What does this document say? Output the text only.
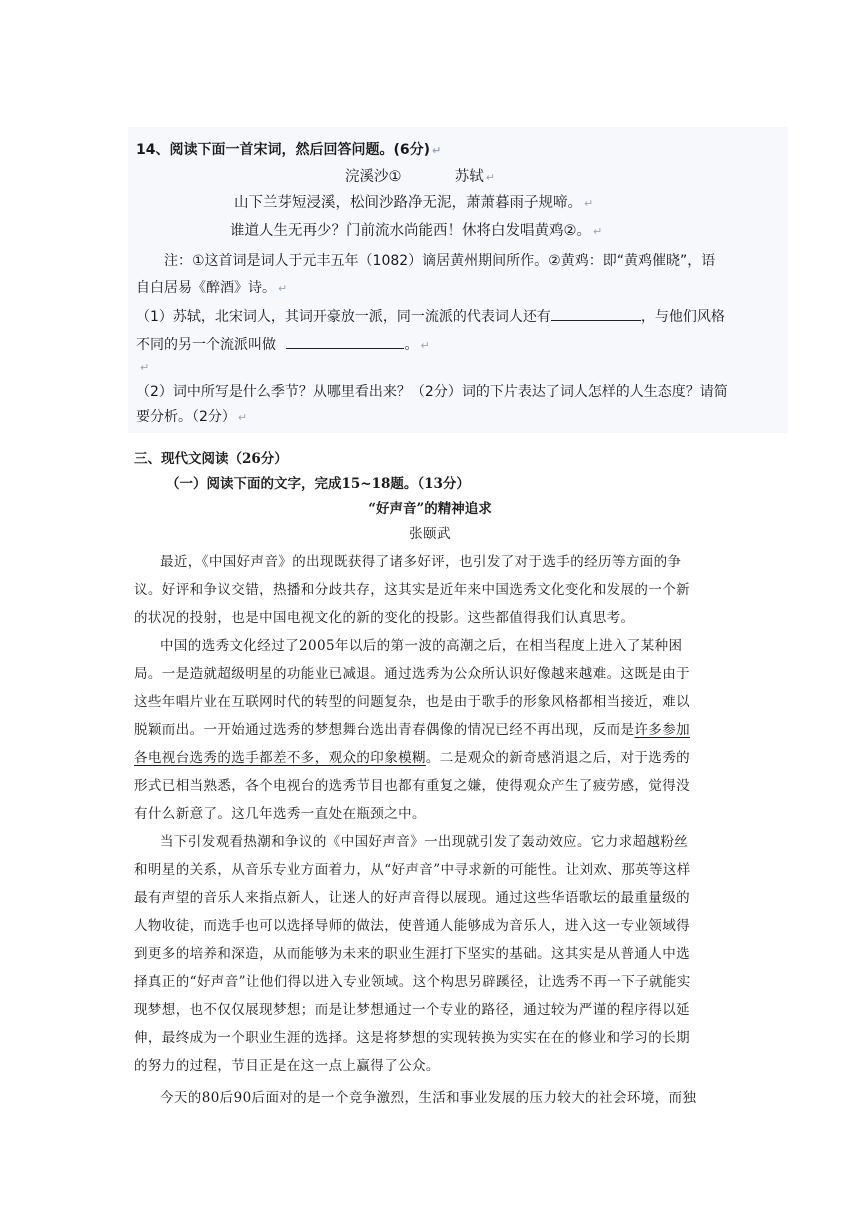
14、阅读下面一首宋词，然后回答问题。(6分) ↵
浣溪沙①	苏轼 ↵
山下兰芽短浸溪，松间沙路净无泥，萧萧暮雨子规啼。 ↵
谁道人生无再少？门前流水尚能西！休将白发唱黄鸡②。 ↵
注：①这首词是词人于元丰五年（1082）谪居黄州期间所作。②黄鸡：即“黄鸡催晓”，语
自白居易《醉酒》诗。 ↵
（1）苏轼，北宋词人，其词开豪放一派，同一流派的代表词人还有	，与他们风格
不同的另一个流派叫做	。 ↵
↵
（2）词中所写是什么季节？从哪里看出来？（2分）词的下片表达了词人怎样的人生态度？请简
要分析。（2分） ↵
三、现代文阅读（26分）
（一）阅读下面的文字，完成15~18题。（13分）
“好声音”的精神追求
张颐武
最近，《中国好声音》的出现既获得了诸多好评，也引发了对于选手的经历等方面的争
议。好评和争议交错，热播和分歧共存，这其实是近年来中国选秀文化变化和发展的一个新
的状况的投射，也是中国电视文化的新的变化的投影。这些都值得我们认真思考。
中国的选秀文化经过了2005年以后的第一波的高潮之后，在相当程度上进入了某种困
局。一是造就超级明星的功能业已减退。通过选秀为公众所认识好像越来越难。这既是由于
这些年唱片业在互联网时代的转型的问题复杂，也是由于歌手的形象风格都相当接近，难以
脱颖而出。一开始通过选秀的梦想舞台选出青春偶像的情况已经不再出现，反而是许多参加
各电视台选秀的选手都差不多，观众的印象模糊。二是观众的新奇感消退之后，对于选秀的
形式已相当熟悉，各个电视台的选秀节目也都有重复之嫌，使得观众产生了疲劳感，觉得没
有什么新意了。这几年选秀一直处在瓶颈之中。
当下引发观看热潮和争议的《中国好声音》一出现就引发了轰动效应。它力求超越粉丝
和明星的关系，从音乐专业方面着力，从“好声音”中寻求新的可能性。让刘欢、那英等这样
最有声望的音乐人来指点新人，让迷人的好声音得以展现。通过这些华语歌坛的最重量级的
人物收徒，而选手也可以选择导师的做法，使普通人能够成为音乐人，进入这一专业领域得
到更多的培养和深造，从而能够为未来的职业生涯打下坚实的基础。这其实是从普通人中选
择真正的“好声音”让他们得以进入专业领域。这个构思另辟蹊径，让选秀不再一下子就能实
现梦想，也不仅仅展现梦想；而是让梦想通过一个专业的路径，通过较为严谨的程序得以延
伸，最终成为一个职业生涯的选择。这是将梦想的实现转换为实实在在的修业和学习的长期
的努力的过程，节目正是在这一点上赢得了公众。
今天的80后90后面对的是一个竞争激烈，生活和事业发展的压力较大的社会环境，而独
